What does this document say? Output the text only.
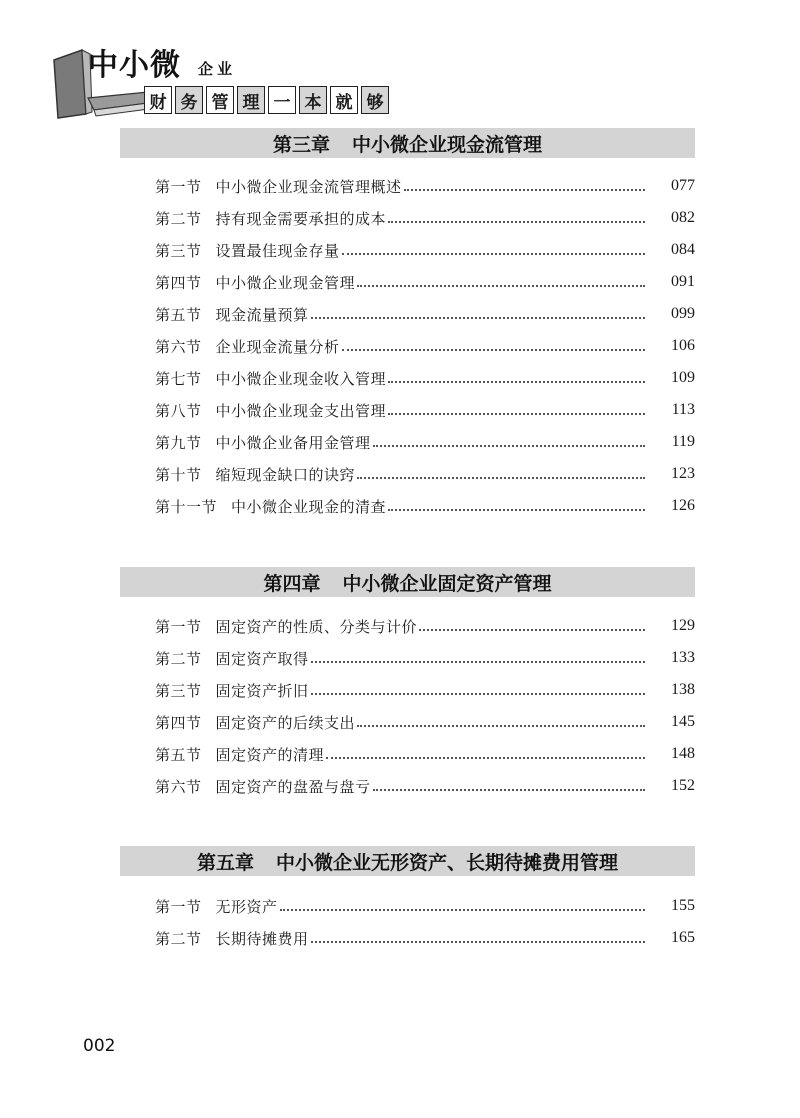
中小微 企业
财 务 管 理 一 本 就 够
第三章 中小微企业现金流管理
第一节 中小微企业现金流管理概述	077
第二节 持有现金需要承担的成本	082
第三节 设置最佳现金存量	084
第四节 中小微企业现金管理	091
第五节 现金流量预算	099
第六节 企业现金流量分析	106
第七节 中小微企业现金收入管理	109
第八节 中小微企业现金支出管理	113
第九节 中小微企业备用金管理	119
第十节 缩短现金缺口的诀窍	123
第十一节 中小微企业现金的清查	126
第四章 中小微企业固定资产管理
第一节 固定资产的性质、分类与计价	129
第二节 固定资产取得	133
第三节 固定资产折旧	138
第四节 固定资产的后续支出	145
第五节 固定资产的清理	148
第六节 固定资产的盘盈与盘亏	152
第五章 中小微企业无形资产、长期待摊费用管理
第一节 无形资产	155
第二节 长期待摊费用	165
002
